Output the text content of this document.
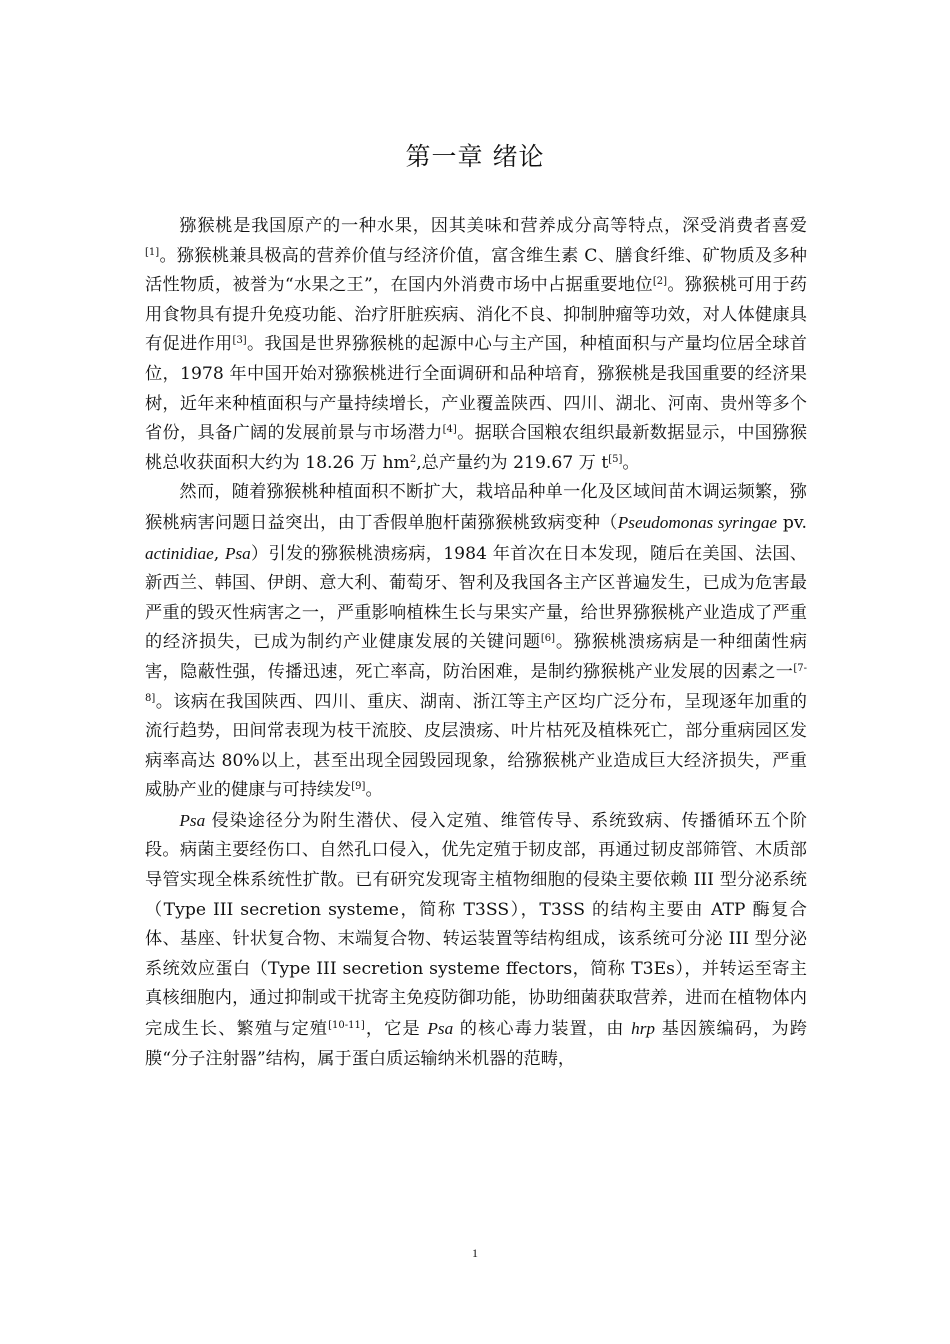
第一章 绪论

猕猴桃是我国原产的一种水果，因其美味和营养成分高等特点，深受消费者喜爱[1]。猕猴桃兼具极高的营养价值与经济价值，富含维生素 C、膳食纤维、矿物质及多种活性物质，被誉为“水果之王”，在国内外消费市场中占据重要地位[2]。猕猴桃可用于药用食物具有提升免疫功能、治疗肝脏疾病、消化不良、抑制肿瘤等功效，对人体健康具有促进作用[3]。我国是世界猕猴桃的起源中心与主产国，种植面积与产量均位居全球首位，1978 年中国开始对猕猴桃进行全面调研和品种培育，猕猴桃是我国重要的经济果树，近年来种植面积与产量持续增长，产业覆盖陕西、四川、湖北、河南、贵州等多个省份，具备广阔的发展前景与市场潜力[4]。据联合国粮农组织最新数据显示，中国猕猴桃总收获面积大约为 18.26 万 $hm^2$,总产量约为 219.67 万 t[5]。

然而，随着猕猴桃种植面积不断扩大，栽培品种单一化及区域间苗木调运频繁，猕猴桃病害问题日益突出，由丁香假单胞杆菌猕猴桃致病变种（Pseudomonas syringae pv. actinidiae, Psa）引发的猕猴桃溃疡病，1984 年首次在日本发现，随后在美国、法国、新西兰、韩国、伊朗、意大利、葡萄牙、智利及我国各主产区普遍发生，已成为危害最严重的毁灭性病害之一，严重影响植株生长与果实产量，给世界猕猴桃产业造成了严重的经济损失，已成为制约产业健康发展的关键问题[6]。猕猴桃溃疡病是一种细菌性病害，隐蔽性强，传播迅速，死亡率高，防治困难，是制约猕猴桃产业发展的因素之一[7-8]。该病在我国陕西、四川、重庆、湖南、浙江等主产区均广泛分布，呈现逐年加重的流行趋势，田间常表现为枝干流胶、皮层溃疡、叶片枯死及植株死亡，部分重病园区发病率高达 80%以上，甚至出现全园毁园现象，给猕猴桃产业造成巨大经济损失，严重威胁产业的健康与可持续发[9]。

Psa 侵染途径分为附生潜伏、侵入定殖、维管传导、系统致病、传播循环五个阶段。病菌主要经伤口、自然孔口侵入，优先定殖于韧皮部，再通过韧皮部筛管、木质部导管实现全株系统性扩散。已有研究发现寄主植物细胞的侵染主要依赖 III 型分泌系统（Type III secretion systeme，简称 T3SS），T3SS 的结构主要由 ATP 酶复合体、基座、针状复合物、末端复合物、转运装置等结构组成，该系统可分泌 III 型分泌系统效应蛋白（Type III secretion systeme ffectors，简称 T3Es），并转运至寄主真核细胞内，通过抑制或干扰寄主免疫防御功能，协助细菌获取营养，进而在植物体内完成生长、繁殖与定殖[10-11]，它是 Psa 的核心毒力装置，由 hrp 基因簇编码，为跨膜“分子注射器”结构，属于蛋白质运输纳米机器的范畴，

1
